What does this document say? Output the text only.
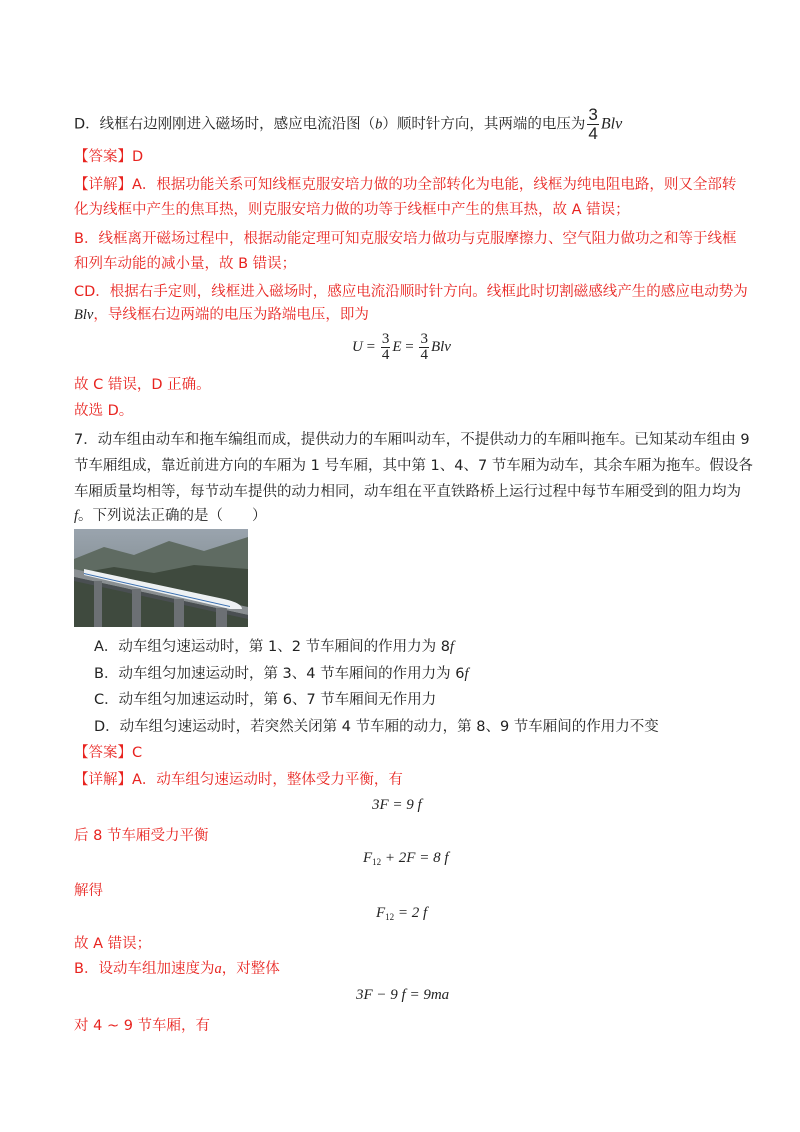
D．线框右边刚刚进入磁场时，感应电流沿图（b）顺时针方向，其两端的电压为 $\frac{3}{4}$ Blv
【答案】D
【详解】A．根据功能关系可知线框克服安培力做的功全部转化为电能，线框为纯电阻电路，则又全部转
化为线框中产生的焦耳热，则克服安培力做的功等于线框中产生的焦耳热，故 A 错误；
B．线框离开磁场过程中，根据动能定理可知克服安培力做功与克服摩擦力、空气阻力做功之和等于线框
和列车动能的减小量，故 B 错误；
CD．根据右手定则，线框进入磁场时，感应电流沿顺时针方向。线框此时切割磁感线产生的感应电动势为
Blv，导线框右边两端的电压为路端电压，即为
$U = \frac{3}{4}$ $E = \frac{3}{4}$ Blv
故 C 错误，D 正确。
故选 D。
7．动车组由动车和拖车编组而成，提供动力的车厢叫动车，不提供动力的车厢叫拖车。已知某动车组由 9
节车厢组成，靠近前进方向的车厢为 1 号车厢，其中第 1、4、7 节车厢为动车，其余车厢为拖车。假设各
车厢质量均相等，每节动车提供的动力相同，动车组在平直铁路桥上运行过程中每节车厢受到的阻力均为
f。下列说法正确的是（　　）
A．动车组匀速运动时，第 1、2 节车厢间的作用力为 8f
B．动车组匀加速运动时，第 3、4 节车厢间的作用力为 6f
C．动车组匀加速运动时，第 6、7 节车厢间无作用力
D．动车组匀速运动时，若突然关闭第 4 节车厢的动力，第 8、9 节车厢间的作用力不变
【答案】C
【详解】A．动车组匀速运动时，整体受力平衡，有
3F = 9 f
后 8 节车厢受力平衡
$F_{12} + 2F = 8$ f
解得
$F_{12} = 2$ f
故 A 错误；
B．设动车组加速度为a，对整体
3F − 9 f = 9ma
对 4 ~ 9 节车厢，有
